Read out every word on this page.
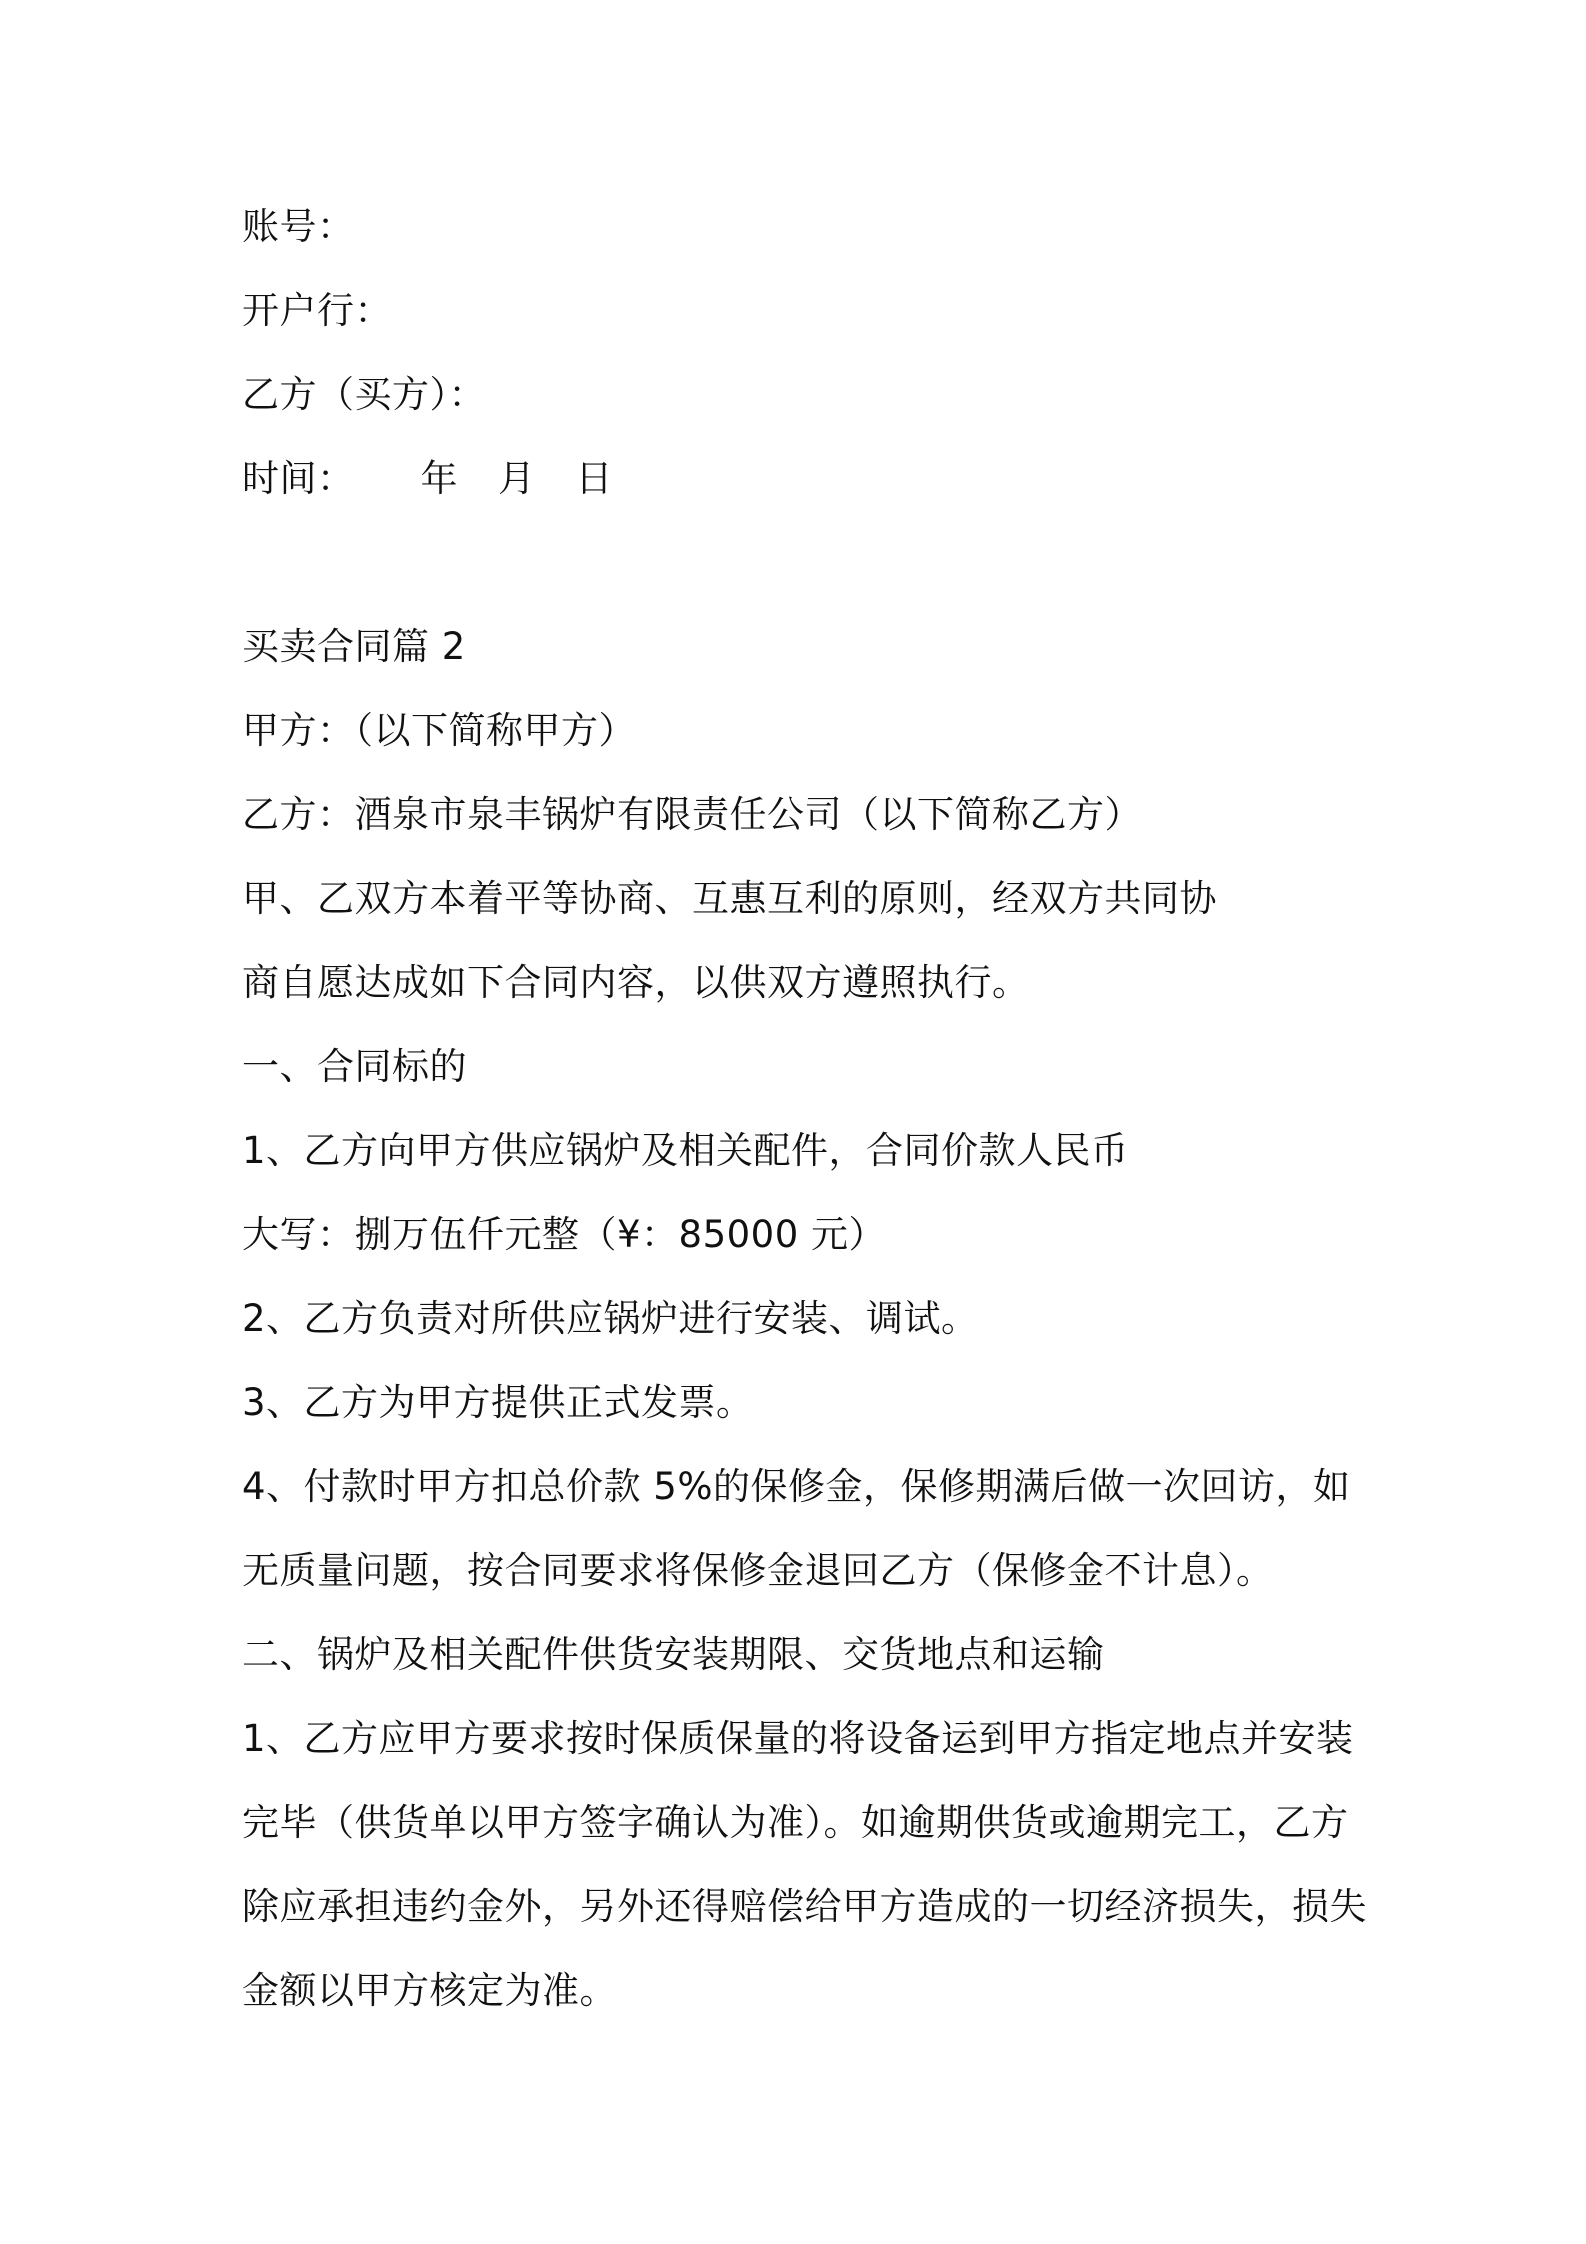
账号：
开户行：
乙方（买方）：
时间： 年 月 日
买卖合同篇 2
甲方：（以下简称甲方）
乙方：酒泉市泉丰锅炉有限责任公司（以下简称乙方）
甲、乙双方本着平等协商、互惠互利的原则，经双方共同协
商自愿达成如下合同内容，以供双方遵照执行。
一、合同标的
1、乙方向甲方供应锅炉及相关配件，合同价款人民币
大写：捌万伍仟元整（¥：85000 元）
2、乙方负责对所供应锅炉进行安装、调试。
3、乙方为甲方提供正式发票。
4、付款时甲方扣总价款 5%的保修金，保修期满后做一次回访，如
无质量问题，按合同要求将保修金退回乙方（保修金不计息）。
二、锅炉及相关配件供货安装期限、交货地点和运输
1、乙方应甲方要求按时保质保量的将设备运到甲方指定地点并安装
完毕（供货单以甲方签字确认为准）。如逾期供货或逾期完工，乙方
除应承担违约金外，另外还得赔偿给甲方造成的一切经济损失，损失
金额以甲方核定为准。
